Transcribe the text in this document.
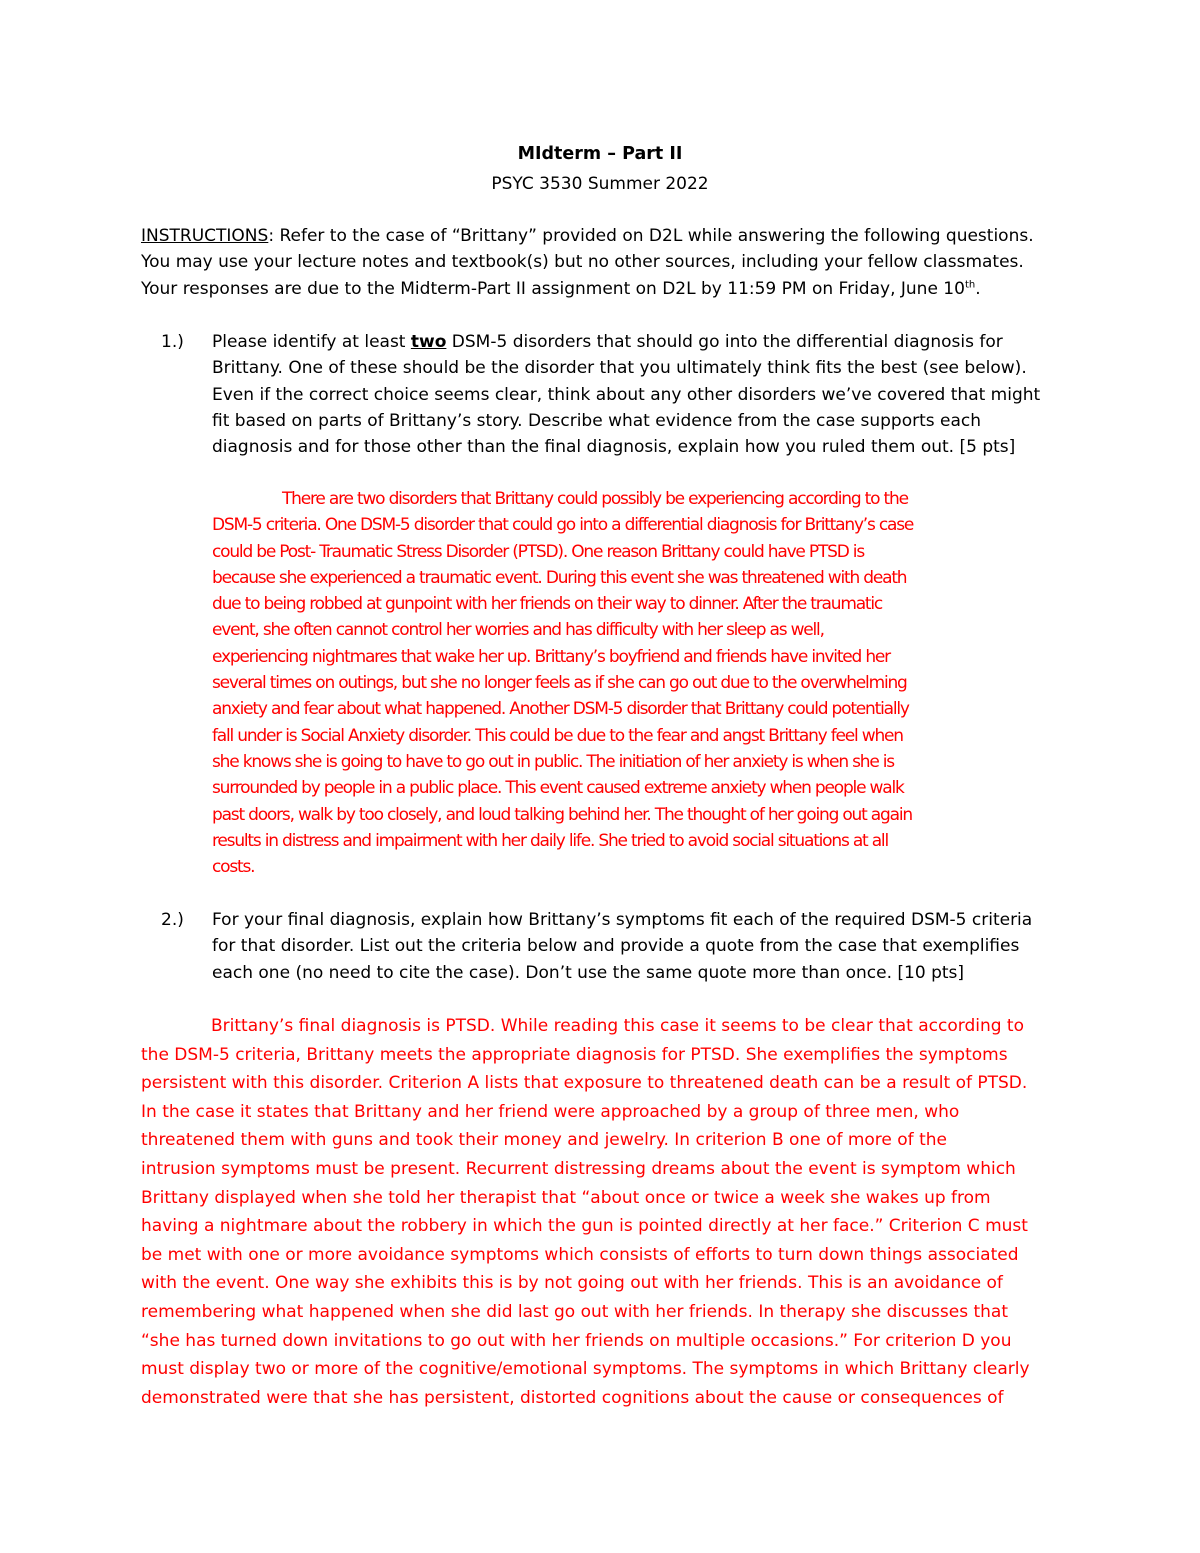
MIdterm – Part II
PSYC 3530 Summer 2022
INSTRUCTIONS: Refer to the case of “Brittany” provided on D2L while answering the following questions.
You may use your lecture notes and textbook(s) but no other sources, including your fellow classmates.
Your responses are due to the Midterm-Part II assignment on D2L by 11:59 PM on Friday, June 10th.
1.) Please identify at least two DSM-5 disorders that should go into the differential diagnosis for
Brittany. One of these should be the disorder that you ultimately think fits the best (see below).
Even if the correct choice seems clear, think about any other disorders we’ve covered that might
fit based on parts of Brittany’s story. Describe what evidence from the case supports each
diagnosis and for those other than the final diagnosis, explain how you ruled them out. [5 pts]
There are two disorders that Brittany could possibly be experiencing according to the
DSM-5 criteria. One DSM-5 disorder that could go into a differential diagnosis for Brittany’s case
could be Post- Traumatic Stress Disorder (PTSD). One reason Brittany could have PTSD is
because she experienced a traumatic event. During this event she was threatened with death
due to being robbed at gunpoint with her friends on their way to dinner. After the traumatic
event, she often cannot control her worries and has difficulty with her sleep as well,
experiencing nightmares that wake her up. Brittany’s boyfriend and friends have invited her
several times on outings, but she no longer feels as if she can go out due to the overwhelming
anxiety and fear about what happened. Another DSM-5 disorder that Brittany could potentially
fall under is Social Anxiety disorder. This could be due to the fear and angst Brittany feel when
she knows she is going to have to go out in public. The initiation of her anxiety is when she is
surrounded by people in a public place. This event caused extreme anxiety when people walk
past doors, walk by too closely, and loud talking behind her. The thought of her going out again
results in distress and impairment with her daily life. She tried to avoid social situations at all
costs.
2.) For your final diagnosis, explain how Brittany’s symptoms fit each of the required DSM-5 criteria
for that disorder. List out the criteria below and provide a quote from the case that exemplifies
each one (no need to cite the case). Don’t use the same quote more than once. [10 pts]
Brittany’s final diagnosis is PTSD. While reading this case it seems to be clear that according to
the DSM-5 criteria, Brittany meets the appropriate diagnosis for PTSD. She exemplifies the symptoms
persistent with this disorder. Criterion A lists that exposure to threatened death can be a result of PTSD.
In the case it states that Brittany and her friend were approached by a group of three men, who
threatened them with guns and took their money and jewelry. In criterion B one of more of the
intrusion symptoms must be present. Recurrent distressing dreams about the event is symptom which
Brittany displayed when she told her therapist that “about once or twice a week she wakes up from
having a nightmare about the robbery in which the gun is pointed directly at her face.” Criterion C must
be met with one or more avoidance symptoms which consists of efforts to turn down things associated
with the event. One way she exhibits this is by not going out with her friends. This is an avoidance of
remembering what happened when she did last go out with her friends. In therapy she discusses that
“she has turned down invitations to go out with her friends on multiple occasions.” For criterion D you
must display two or more of the cognitive/emotional symptoms. The symptoms in which Brittany clearly
demonstrated were that she has persistent, distorted cognitions about the cause or consequences of
